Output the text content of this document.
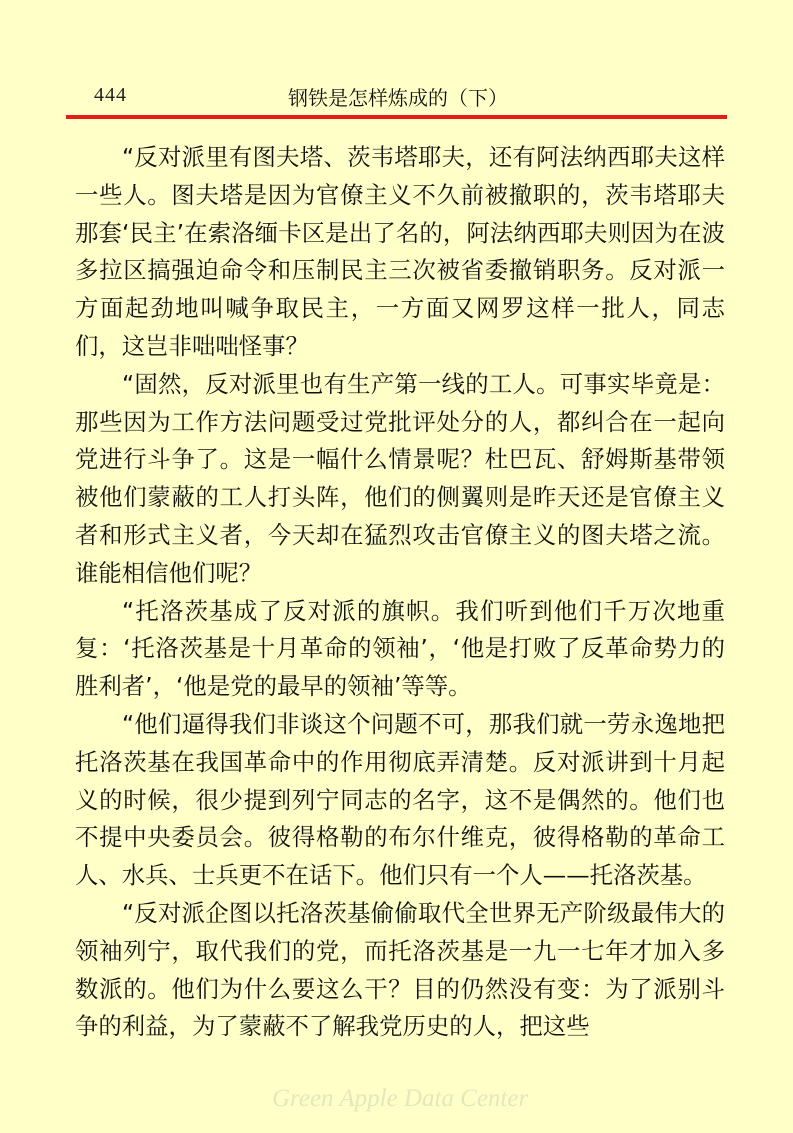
444	钢铁是怎样炼成的（下）

“反对派里有图夫塔、茨韦塔耶夫，还有阿法纳西耶夫这样一些人。图夫塔是因为官僚主义不久前被撤职的，茨韦塔耶夫那套‘民主’在索洛缅卡区是出了名的，阿法纳西耶夫则因为在波多拉区搞强迫命令和压制民主三次被省委撤销职务。反对派一方面起劲地叫喊争取民主，一方面又网罗这样一批人，同志们，这岂非咄咄怪事？

“固然，反对派里也有生产第一线的工人。可事实毕竟是：那些因为工作方法问题受过党批评处分的人，都纠合在一起向党进行斗争了。这是一幅什么情景呢？杜巴瓦、舒姆斯基带领被他们蒙蔽的工人打头阵，他们的侧翼则是昨天还是官僚主义者和形式主义者，今天却在猛烈攻击官僚主义的图夫塔之流。谁能相信他们呢？

“托洛茨基成了反对派的旗帜。我们听到他们千万次地重复：‘托洛茨基是十月革命的领袖’，‘他是打败了反革命势力的胜利者’，‘他是党的最早的领袖’等等。

“他们逼得我们非谈这个问题不可，那我们就一劳永逸地把托洛茨基在我国革命中的作用彻底弄清楚。反对派讲到十月起义的时候，很少提到列宁同志的名字，这不是偶然的。他们也不提中央委员会。彼得格勒的布尔什维克，彼得格勒的革命工人、水兵、士兵更不在话下。他们只有一个人——托洛茨基。

“反对派企图以托洛茨基偷偷取代全世界无产阶级最伟大的领袖列宁，取代我们的党，而托洛茨基是一九一七年才加入多数派的。他们为什么要这么干？目的仍然没有变：为了派别斗争的利益，为了蒙蔽不了解我党历史的人，把这些

Green Apple Data Center
